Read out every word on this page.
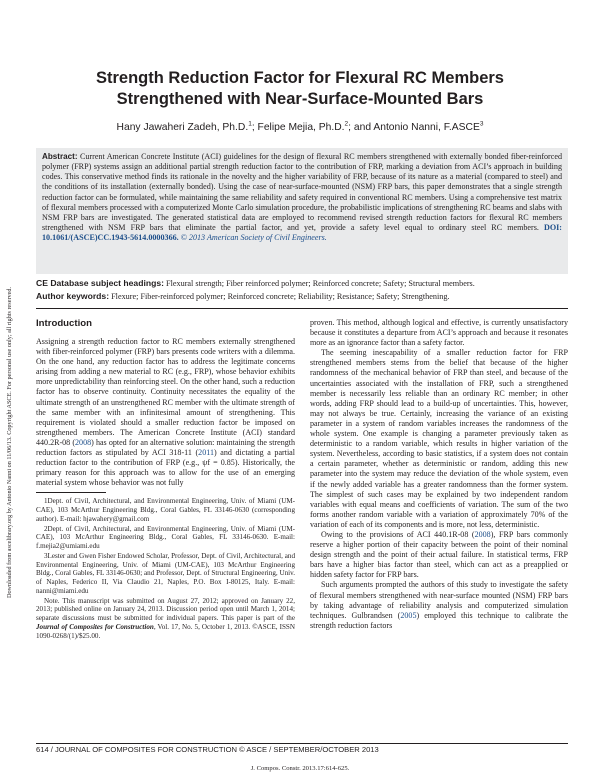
Downloaded from ascelibrary.org by Antonio Nanni on 11/06/13. Copyright ASCE. For personal use only; all rights reserved.
Strength Reduction Factor for Flexural RC Members
Strengthened with Near-Surface-Mounted Bars
Hany Jawaheri Zadeh, Ph.D.$^1$; Felipe Mejia, Ph.D.$^2$; and Antonio Nanni, F.ASCE$^3$
Abstract: Current American Concrete Institute (ACI) guidelines for the design of flexural RC members strengthened with externally bonded fiber-reinforced polymer (FRP) systems assign an additional partial strength reduction factor to the contribution of FRP, marking a deviation from ACI’s approach in building codes. This conservative method finds its rationale in the novelty and the higher variability of FRP, because of its nature as a material (compared to steel) and the conditions of its installation (externally bonded). Using the case of near-surface-mounted (NSM) FRP bars, this paper demonstrates that a single strength reduction factor can be formulated, while maintaining the same reliability and safety required in conventional RC members. Using a comprehensive test matrix of flexural members processed with a computerized Monte Carlo simulation procedure, the probabilistic implications of strengthening RC beams and slabs with NSM FRP bars are investigated. The generated statistical data are employed to recommend revised strength reduction factors for flexural RC members strengthened with NSM FRP bars that eliminate the partial factor, and yet, provide a safety level equal to ordinary steel RC members. DOI: 10.1061/(ASCE)CC.1943-5614.0000366. © 2013 American Society of Civil Engineers.
CE Database subject headings: Flexural strength; Fiber reinforced polymer; Reinforced concrete; Safety; Structural members.
Author keywords: Flexure; Fiber-reinforced polymer; Reinforced concrete; Reliability; Resistance; Safety; Strengthening.
Introduction

Assigning a strength reduction factor to RC members externally strengthened with fiber-reinforced polymer (FRP) bars presents code writers with a dilemma. On the one hand, any reduction factor has to address the legitimate concerns arising from adding a new material to RC (e.g., FRP), whose behavior exhibits more unpredictability than reinforcing steel. On the other hand, such a reduction factor has to observe continuity. Continuity necessitates the equality of the ultimate strength of an unstrengthened RC member with the ultimate strength of the same member with an infinitesimal amount of strengthening. This requirement is violated should a smaller reduction factor be imposed on strengthened members. The American Concrete Institute (ACI) standard 440.2R-08 (2008) has opted for an alternative solution: maintaining the strength reduction factors as stipulated by ACI 318-11 (2011) and dictating a partial reduction factor to the contribution of FRP (e.g., ψf = 0.85). Historically, the primary reason for this approach was to allow for the use of an emerging material system whose behavior was not fully

1Dept. of Civil, Architectural, and Environmental Engineering, Univ. of Miami (UM-CAE), 103 McArthur Engineering Bldg., Coral Gables, FL 33146-0630 (corresponding author). E-mail: hjawahery@gmail.com

2Dept. of Civil, Architectural, and Environmental Engineering, Univ. of Miami (UM-CAE), 103 McArthur Engineering Bldg., Coral Gables, FL 33146-0630. E-mail: f.mejia2@umiami.edu

3Lester and Gwen Fisher Endowed Scholar, Professor, Dept. of Civil, Architectural, and Environmental Engineering, Univ. of Miami (UM-CAE), 103 McArthur Engineering Bldg., Coral Gables, FL 33146-0630; and Professor, Dept. of Structural Engineering, Univ. of Naples, Federico II, Via Claudio 21, Naples, P.O. Box I-80125, Italy. E-mail: nanni@miami.edu

Note. This manuscript was submitted on August 27, 2012; approved on January 22, 2013; published online on January 24, 2013. Discussion period open until March 1, 2014; separate discussions must be submitted for individual papers. This paper is part of the Journal of Composites for Construction, Vol. 17, No. 5, October 1, 2013. ©ASCE, ISSN 1090-0268/(1)/$25.00.

proven. This method, although logical and effective, is currently unsatisfactory because it constitutes a departure from ACI’s approach and because it resonates more as an ignorance factor than a safety factor.

The seeming inescapability of a smaller reduction factor for FRP strengthened members stems from the belief that because of the higher randomness of the mechanical behavior of FRP than steel, and because of the uncertainties associated with the installation of FRP, such a strengthened member is necessarily less reliable than an ordinary RC member; in other words, adding FRP should lead to a build-up of uncertainties. This, however, may not always be true. Certainly, increasing the variance of an existing parameter in a system of random variables increases the randomness of the whole system. One example is changing a parameter previously taken as deterministic to a random variable, which results in higher variation of the system. Nevertheless, according to basic statistics, if a system does not contain a certain parameter, whether as deterministic or random, adding this new parameter into the system may reduce the deviation of the whole system, even if the newly added variable has a greater randomness than the former system. The simplest of such cases may be explained by two independent random variables with equal means and coefficients of variation. The sum of the two forms another random variable with a variation of approximately 70% of the variation of each of its components and is more, not less, deterministic.

Owing to the provisions of ACI 440.1R-08 (2008), FRP bars commonly reserve a higher portion of their capacity between the point of their nominal design strength and the point of their actual failure. In statistical terms, FRP bars have a higher bias factor than steel, which can act as a preapplied or hidden safety factor for FRP bars.

Such arguments prompted the authors of this study to investigate the safety of flexural members strengthened with near-surface mounted (NSM) FRP bars by taking advantage of reliability analysis and computerized simulation techniques. Gulbrandsen (2005) employed this technique to calibrate the strength reduction factors

614 / JOURNAL OF COMPOSITES FOR CONSTRUCTION © ASCE / SEPTEMBER/OCTOBER 2013
J. Compos. Constr. 2013.17:614-625.
